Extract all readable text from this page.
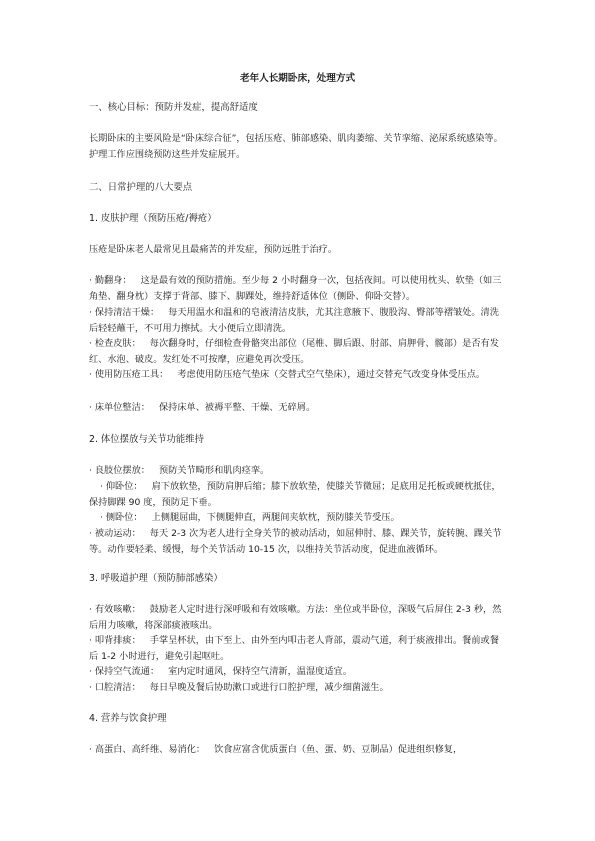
老年人长期卧床，处理方式

一、核心目标：预防并发症，提高舒适度

长期卧床的主要风险是“卧床综合征”，包括压疮、肺部感染、肌肉萎缩、关节挛缩、泌尿系统感染等。护理工作应围绕预防这些并发症展开。

二、日常护理的八大要点

1. 皮肤护理（预防压疮/褥疮）

压疮是卧床老人最常见且最痛苦的并发症，预防远胜于治疗。

· 勤翻身： 这是最有效的预防措施。至少每 2 小时翻身一次，包括夜间。可以使用枕头、软垫（如三角垫、翻身枕）支撑于背部、膝下、脚踝处，维持舒适体位（侧卧、仰卧交替）。

· 保持清洁干燥： 每天用温水和温和的皂液清洁皮肤，尤其注意腋下、腹股沟、臀部等褶皱处。清洗后轻轻蘸干，不可用力擦拭。大小便后立即清洗。

· 检查皮肤： 每次翻身时，仔细检查骨骼突出部位（尾椎、脚后跟、肘部、肩胛骨、髋部）是否有发红、水泡、破皮。发红处不可按摩，应避免再次受压。

· 使用防压疮工具： 考虑使用防压疮气垫床（交替式空气垫床），通过交替充气改变身体受压点。

· 床单位整洁： 保持床单、被褥平整、干燥、无碎屑。

2. 体位摆放与关节功能维持

· 良肢位摆放： 预防关节畸形和肌肉痉挛。

· 仰卧位： 肩下放软垫，预防肩胛后缩；膝下放软垫，使膝关节微屈；足底用足托板或硬枕抵住，保持脚踝 90 度，预防足下垂。

· 侧卧位： 上侧腿屈曲，下侧腿伸直，两腿间夹软枕，预防膝关节受压。

· 被动运动： 每天 2-3 次为老人进行全身关节的被动活动，如屈伸肘、膝、踝关节，旋转腕、踝关节等。动作要轻柔、缓慢，每个关节活动 10-15 次，以维持关节活动度，促进血液循环。

3. 呼吸道护理（预防肺部感染）

· 有效咳嗽： 鼓励老人定时进行深呼吸和有效咳嗽。方法：坐位或半卧位，深吸气后屏住 2-3 秒，然后用力咳嗽，将深部痰液咳出。

· 叩背排痰： 手掌呈杯状，由下至上、由外至内叩击老人背部，震动气道，利于痰液排出。餐前或餐后 1-2 小时进行，避免引起呕吐。

· 保持空气流通： 室内定时通风，保持空气清新，温湿度适宜。

· 口腔清洁： 每日早晚及餐后协助漱口或进行口腔护理，减少细菌滋生。

4. 营养与饮食护理

· 高蛋白、高纤维、易消化： 饮食应富含优质蛋白（鱼、蛋、奶、豆制品）促进组织修复，
